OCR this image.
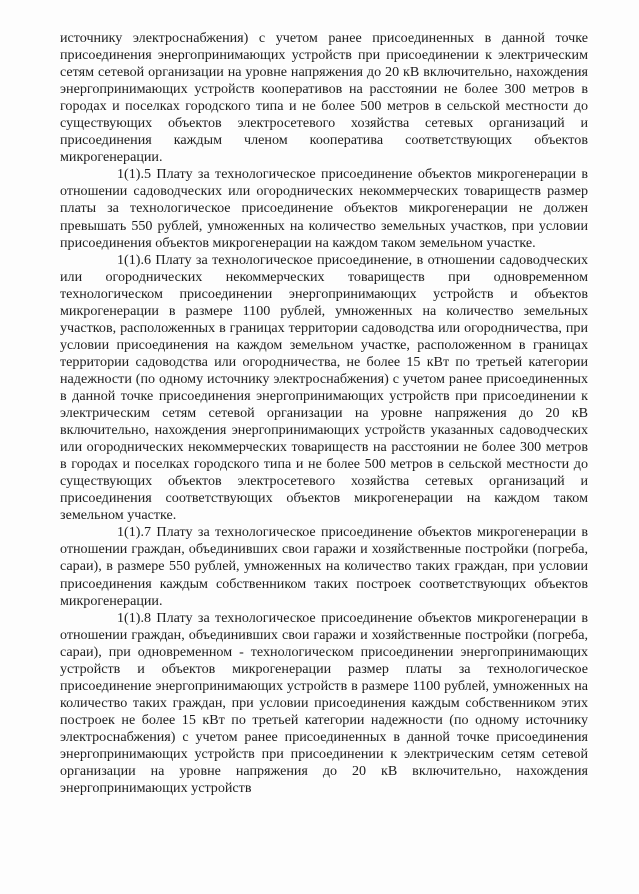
источнику электроснабжения) с учетом ранее присоединенных в данной точке присоединения энергопринимающих устройств при присоединении к электрическим сетям сетевой организации на уровне напряжения до 20 кВ включительно, нахождения энергопринимающих устройств кооперативов на расстоянии не более 300 метров в городах и поселках городского типа и не более 500 метров в сельской местности до существующих объектов электросетевого хозяйства сетевых организаций и присоединения каждым членом кооператива соответствующих объектов микрогенерации.

1(1).5 Плату за технологическое присоединение объектов микрогенерации в отношении садоводческих или огороднических некоммерческих товариществ размер платы за технологическое присоединение объектов микрогенерации не должен превышать 550 рублей, умноженных на количество земельных участков, при условии присоединения объектов микрогенерации на каждом таком земельном участке.

1(1).6 Плату за технологическое присоединение, в отношении садоводческих или огороднических некоммерческих товариществ при одновременном технологическом присоединении энергопринимающих устройств и объектов микрогенерации в размере 1100 рублей, умноженных на количество земельных участков, расположенных в границах территории садоводства или огородничества, при условии присоединения на каждом земельном участке, расположенном в границах территории садоводства или огородничества, не более 15 кВт по третьей категории надежности (по одному источнику электроснабжения) с учетом ранее присоединенных в данной точке присоединения энергопринимающих устройств при присоединении к электрическим сетям сетевой организации на уровне напряжения до 20 кВ включительно, нахождения энергопринимающих устройств указанных садоводческих или огороднических некоммерческих товариществ на расстоянии не более 300 метров в городах и поселках городского типа и не более 500 метров в сельской местности до существующих объектов электросетевого хозяйства сетевых организаций и присоединения соответствующих объектов микрогенерации на каждом таком земельном участке.

1(1).7 Плату за технологическое присоединение объектов микрогенерации в отношении граждан, объединивших свои гаражи и хозяйственные постройки (погреба, сараи), в размере 550 рублей, умноженных на количество таких граждан, при условии присоединения каждым собственником таких построек соответствующих объектов микрогенерации.

1(1).8 Плату за технологическое присоединение объектов микрогенерации в отношении граждан, объединивших свои гаражи и хозяйственные постройки (погреба, сараи), при одновременном - технологическом присоединении энергопринимающих устройств и объектов микрогенерации размер платы за технологическое присоединение энергопринимающих устройств в размере 1100 рублей, умноженных на количество таких граждан, при условии присоединения каждым собственником этих построек не более 15 кВт по третьей категории надежности (по одному источнику электроснабжения) с учетом ранее присоединенных в данной точке присоединения энергопринимающих устройств при присоединении к электрическим сетям сетевой организации на уровне напряжения до 20 кВ включительно, нахождения энергопринимающих устройств
